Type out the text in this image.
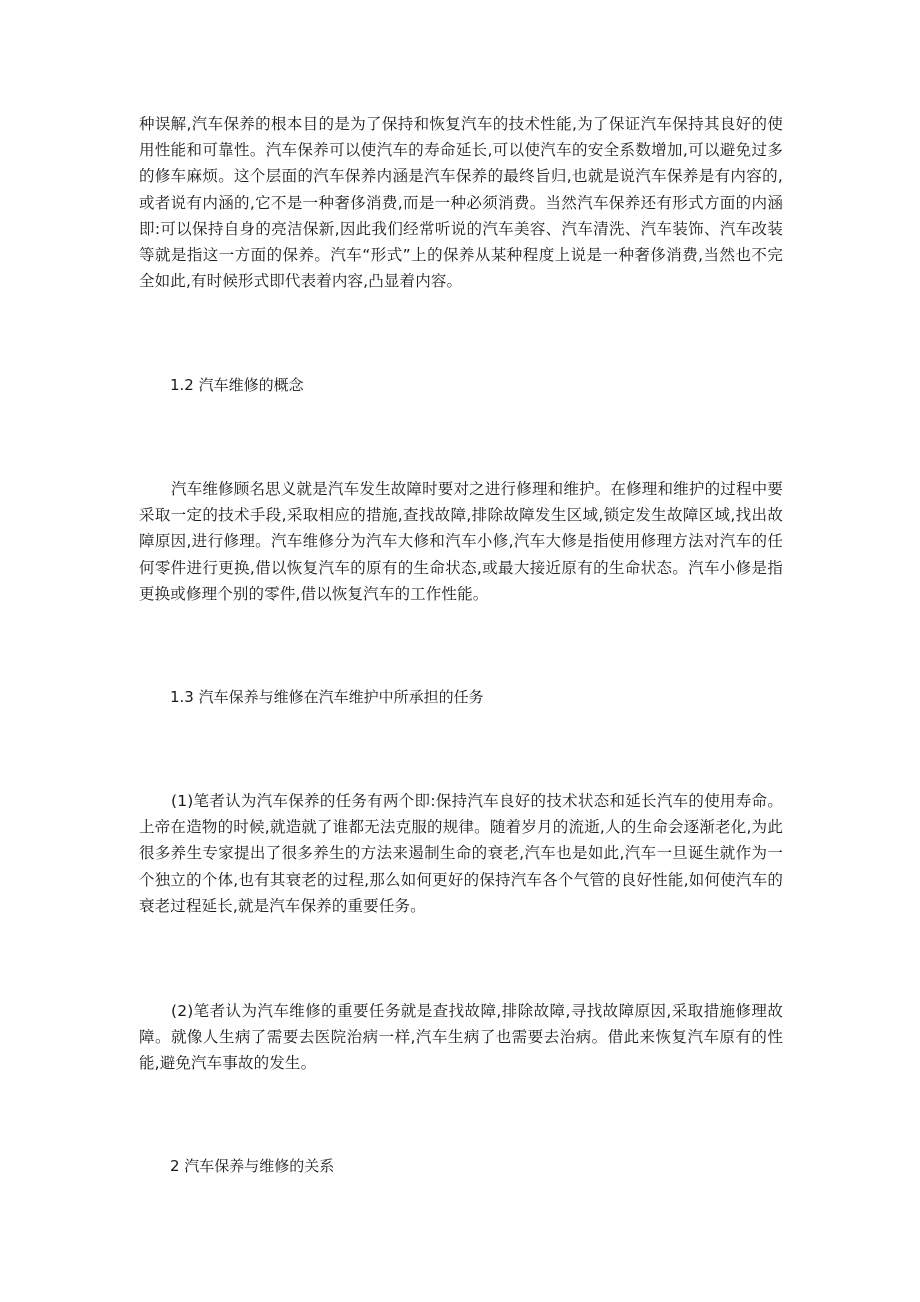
种误解,汽车保养的根本目的是为了保持和恢复汽车的技术性能,为了保证汽车保持其良好的使用性能和可靠性。汽车保养可以使汽车的寿命延长,可以使汽车的安全系数增加,可以避免过多的修车麻烦。这个层面的汽车保养内涵是汽车保养的最终旨归,也就是说汽车保养是有内容的,或者说有内涵的,它不是一种奢侈消费,而是一种必须消费。当然汽车保养还有形式方面的内涵即:可以保持自身的亮洁保新,因此我们经常听说的汽车美容、汽车清洗、汽车装饰、汽车改装等就是指这一方面的保养。汽车“形式”上的保养从某种程度上说是一种奢侈消费,当然也不完全如此,有时候形式即代表着内容,凸显着内容。

1.2 汽车维修的概念

汽车维修顾名思义就是汽车发生故障时要对之进行修理和维护。在修理和维护的过程中要采取一定的技术手段,采取相应的措施,查找故障,排除故障发生区域,锁定发生故障区域,找出故障原因,进行修理。汽车维修分为汽车大修和汽车小修,汽车大修是指使用修理方法对汽车的任何零件进行更换,借以恢复汽车的原有的生命状态,或最大接近原有的生命状态。汽车小修是指更换或修理个别的零件,借以恢复汽车的工作性能。

1.3 汽车保养与维修在汽车维护中所承担的任务

(1)笔者认为汽车保养的任务有两个即:保持汽车良好的技术状态和延长汽车的使用寿命。上帝在造物的时候,就造就了谁都无法克服的规律。随着岁月的流逝,人的生命会逐渐老化,为此很多养生专家提出了很多养生的方法来遏制生命的衰老,汽车也是如此,汽车一旦诞生就作为一个独立的个体,也有其衰老的过程,那么如何更好的保持汽车各个气管的良好性能,如何使汽车的衰老过程延长,就是汽车保养的重要任务。

(2)笔者认为汽车维修的重要任务就是查找故障,排除故障,寻找故障原因,采取措施修理故障。就像人生病了需要去医院治病一样,汽车生病了也需要去治病。借此来恢复汽车原有的性能,避免汽车事故的发生。

2 汽车保养与维修的关系
